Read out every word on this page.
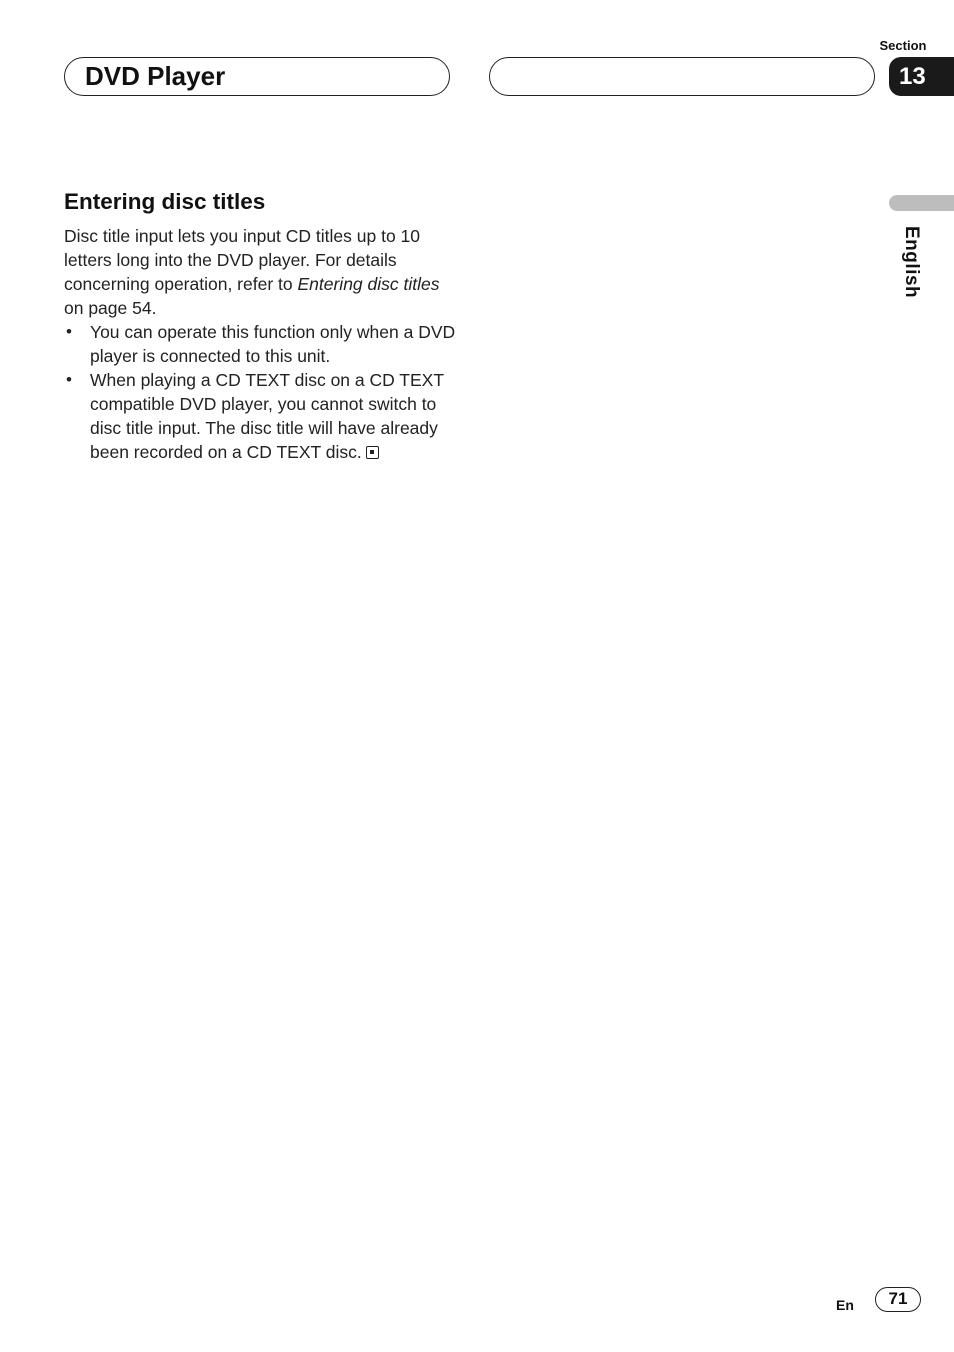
DVD Player
Section
13
English
Entering disc titles

Disc title input lets you input CD titles up to 10 letters long into the DVD player. For details concerning operation, refer to Entering disc titles on page 54.

• You can operate this function only when a DVD player is connected to this unit.
• When playing a CD TEXT disc on a CD TEXT compatible DVD player, you cannot switch to disc title input. The disc title will have already been recorded on a CD TEXT disc.
En	71
